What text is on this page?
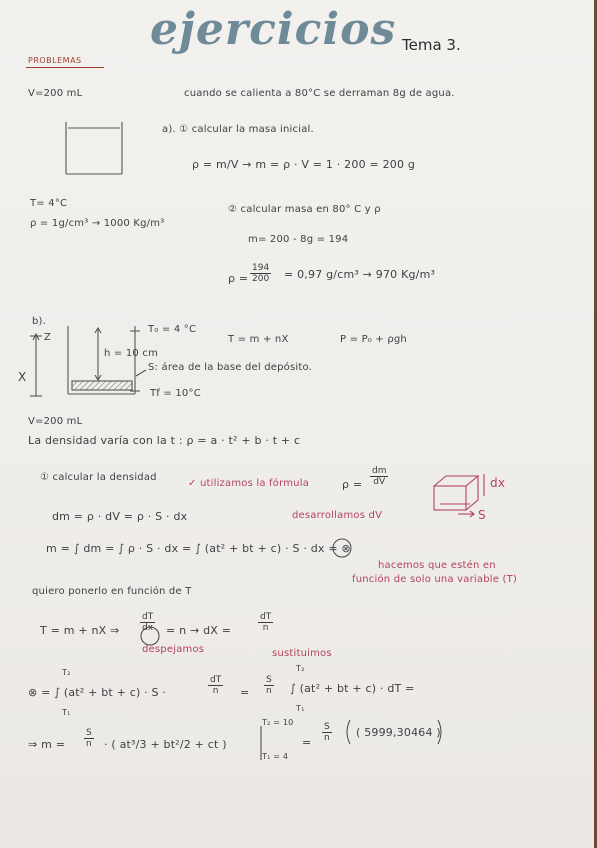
ejercicios Tema 3.
PROBLEMAS
V=200 mL	cuando se calienta a 80°C se derraman 8g de agua.
a). ① calcular la masa inicial.
ρ = m/V → m = ρ · V = 1 · 200 = 200 g
T= 4°C
ρ = 1g/cm³ → 1000 Kg/m³
② calcular masa en 80° C y ρ
m= 200 - 8g = 194
$\rho = \frac{194}{200} = 0,97$ g/cm³ → 970 Kg/m³
b).
Z
X
T₀ = 4 °C
h = 10 cm
S: área de la base del depósito.
Tf = 10°C
T = m + nX	P = P₀ + ρgh
V=200 mL
La densidad varía con la t : ρ = a · t² + b · t + c
① calcular la densidad
✓ utilizamos la fórmula	$\rho = \frac{dm}{dV}$	dx
S
dm = ρ · dV = ρ · S · dx	desarrollamos dV
m = ∫ dm = ∫ ρ · S · dx = ∫ (at² + bt + c) · S · dx = ⊗
hacemos que estén en
función de solo una variable (T)
quiero ponerlo en función de T
T = m + nX ⇒ $\frac{dT}{dx} = n$ → dX =	$\frac{dT}{n}$
despejamos	sustituimos
T₂
T₁
⊗ = ∫ (at² + bt + c) · S ·	$\frac{dT}{n} = \frac{S}{n}$
T₂
T₁
∫ (at² + bt + c) · dT =
⇒ $m = \frac{S}{n}$ · ( at³/3 + bt²/2 + ct )
T₂ = 10
T₁ = 4
= $\frac{S}{n}$ ( 5999,30464 )
